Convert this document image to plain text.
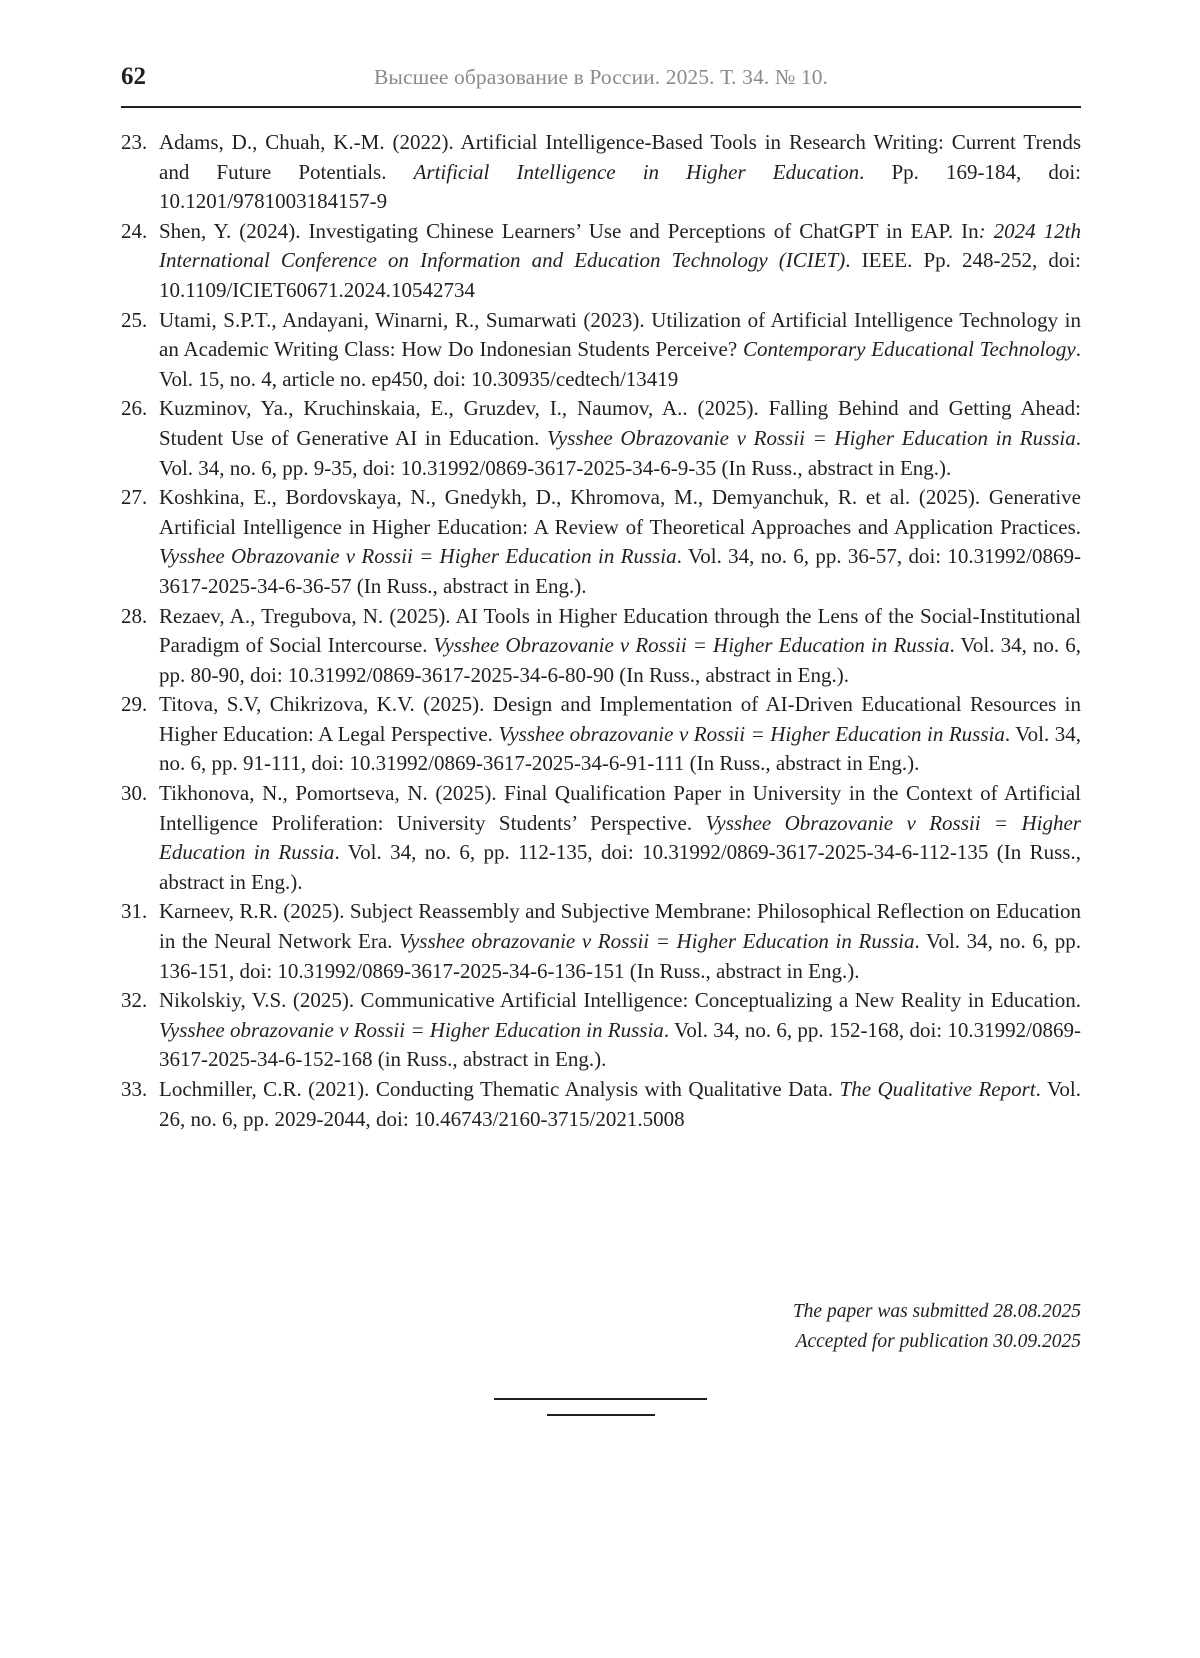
62	Высшее образование в России. 2025. Т. 34. № 10.
23. Adams, D., Chuah, K.-M. (2022). Artificial Intelligence-Based Tools in Research Writing: Current Trends and Future Potentials. Artificial Intelligence in Higher Education. Pp. 169-184, doi: 10.1201/9781003184157-9
24. Shen, Y. (2024). Investigating Chinese Learners’ Use and Perceptions of ChatGPT in EAP. In: 2024 12th International Conference on Information and Education Technology (ICIET). IEEE. Pp. 248-252, doi: 10.1109/ICIET60671.2024.10542734
25. Utami, S.P.T., Andayani, Winarni, R., Sumarwati (2023). Utilization of Artificial Intelligence Technology in an Academic Writing Class: How Do Indonesian Students Perceive? Contemporary Educational Technology. Vol. 15, no. 4, article no. ep450, doi: 10.30935/cedtech/13419
26. Kuzminov, Ya., Kruchinskaia, E., Gruzdev, I., Naumov, A.. (2025). Falling Behind and Getting Ahead: Student Use of Generative AI in Education. Vysshee Obrazovanie v Rossii = Higher Education in Russia. Vol. 34, no. 6, pp. 9-35, doi: 10.31992/0869-3617-2025-34-6-9-35 (In Russ., abstract in Eng.).
27. Koshkina, E., Bordovskaya, N., Gnedykh, D., Khromova, M., Demyanchuk, R. et al. (2025). Generative Artificial Intelligence in Higher Education: A Review of Theoretical Approaches and Application Practices. Vysshee Obrazovanie v Rossii = Higher Education in Russia. Vol. 34, no. 6, pp. 36-57, doi: 10.31992/0869-3617-2025-34-6-36-57 (In Russ., abstract in Eng.).
28. Rezaev, A., Tregubova, N. (2025). AI Tools in Higher Education through the Lens of the Social-Institutional Paradigm of Social Intercourse. Vysshee Obrazovanie v Rossii = Higher Education in Russia. Vol. 34, no. 6, pp. 80-90, doi: 10.31992/0869-3617-2025-34-6-80-90 (In Russ., abstract in Eng.).
29. Titova, S.V, Chikrizova, K.V. (2025). Design and Implementation of AI-Driven Educational Resources in Higher Education: A Legal Perspective. Vysshee obrazovanie v Rossii = Higher Education in Russia. Vol. 34, no. 6, pp. 91-111, doi: 10.31992/0869-3617-2025-34-6-91-111 (In Russ., abstract in Eng.).
30. Tikhonova, N., Pomortseva, N. (2025). Final Qualification Paper in University in the Context of Artificial Intelligence Proliferation: University Students’ Perspective. Vysshee Obrazovanie v Rossii = Higher Education in Russia. Vol. 34, no. 6, pp. 112-135, doi: 10.31992/0869-3617-2025-34-6-112-135 (In Russ., abstract in Eng.).
31. Karneev, R.R. (2025). Subject Reassembly and Subjective Membrane: Philosophical Reflection on Education in the Neural Network Era. Vysshee obrazovanie v Rossii = Higher Education in Russia. Vol. 34, no. 6, pp. 136-151, doi: 10.31992/0869-3617-2025-34-6-136-151 (In Russ., abstract in Eng.).
32. Nikolskiy, V.S. (2025). Communicative Artificial Intelligence: Conceptualizing a New Reality in Education. Vysshee obrazovanie v Rossii = Higher Education in Russia. Vol. 34, no. 6, pp. 152-168, doi: 10.31992/0869-3617-2025-34-6-152-168 (in Russ., abstract in Eng.).
33. Lochmiller, C.R. (2021). Conducting Thematic Analysis with Qualitative Data. The Qualitative Report. Vol. 26, no. 6, pp. 2029-2044, doi: 10.46743/2160-3715/2021.5008
The paper was submitted 28.08.2025
Accepted for publication 30.09.2025
